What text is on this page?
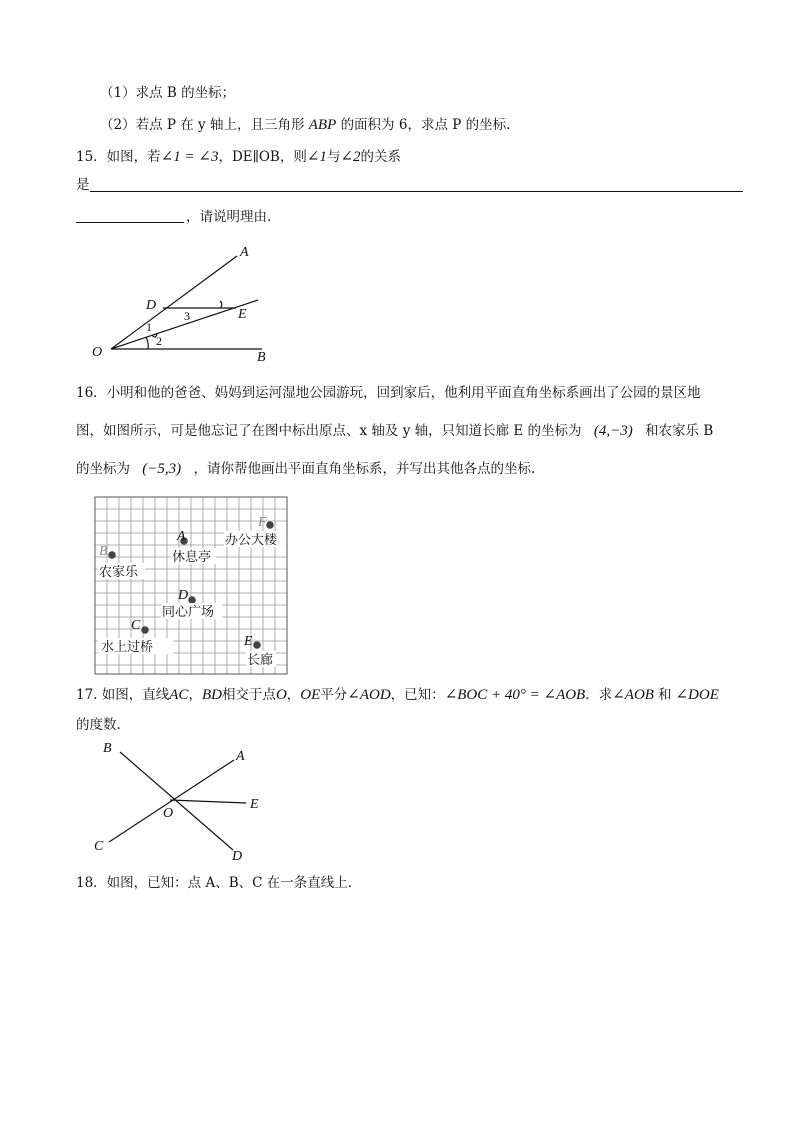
（1）求点 B 的坐标；
（2）若点 P 在 y 轴上，且三角形 ABP 的面积为 6，求点 P 的坐标.
15．如图，若∠1 = ∠3，DE∥OB，则∠1与∠2的关系
是
，请说明理由.
A
D
E
O	B
1
2
3
16．小明和他的爸爸、妈妈到运河湿地公园游玩，回到家后，他利用平面直角坐标系画出了公园的景区地
图，如图所示，可是他忘记了在图中标出原点、x 轴及 y 轴，只知道长廊 E 的坐标为 (4,−3) 和农家乐 B
的坐标为 (−5,3) ，请你帮他画出平面直角坐标系，并写出其他各点的坐标.
A
B
C
D
E
F
休息亭
农家乐
水上过桥
同心广场
长廊
办公大楼
17. 如图，直线AC，BD相交于点O，OE平分∠AOD，已知：∠BOC + 40° = ∠AOB．求∠AOB 和 ∠DOE
的度数.
B
A
E
O
C
D
18．如图，已知：点 A、B、C 在一条直线上.
